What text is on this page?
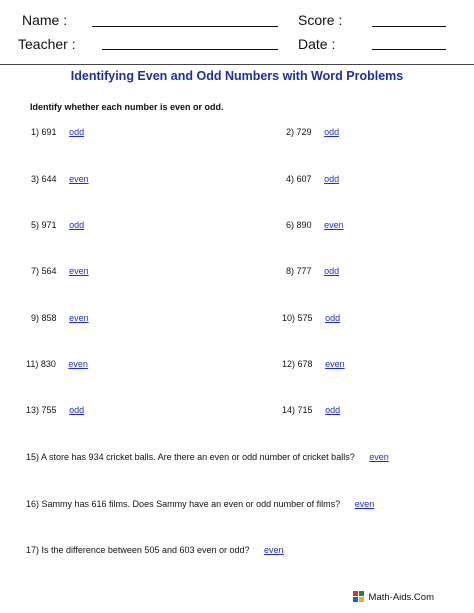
Name :	Score :
Teacher :	Date :
Identifying Even and Odd Numbers with Word Problems
Identify whether each number is even or odd.
1) 691 odd	2) 729 odd
3) 644 even	4) 607 odd
5) 971 odd	6) 890 even
7) 564 even	8) 777 odd
9) 858 even	10) 575 odd
11) 830 even	12) 678 even
13) 755 odd	14) 715 odd
15) A store has 934 cricket balls. Are there an even or odd number of cricket balls? even
16) Sammy has 616 films. Does Sammy have an even or odd number of films? even
17) Is the difference between 505 and 603 even or odd? even
Math-Aids.Com
